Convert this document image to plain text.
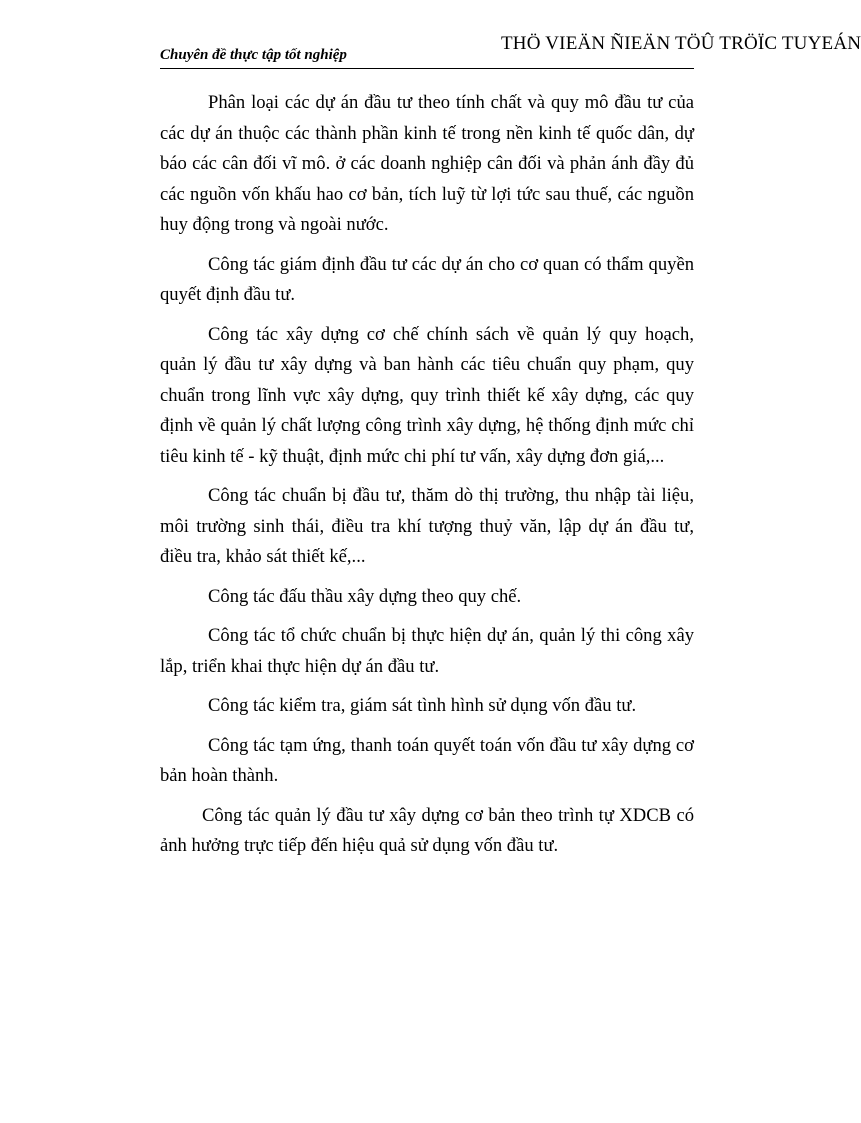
Chuyên đề thực tập tốt nghiệp
THÖ VIEÄN ÑIEÄN TÖÛ TRÖÏC TUYEÁN

Phân loại các dự án đầu tư theo tính chất và quy mô đầu tư của các dự án thuộc các thành phần kinh tế trong nền kinh tế quốc dân, dự báo các cân đối vĩ mô. ở các doanh nghiệp cân đối và phản ánh đầy đủ các nguồn vốn khấu hao cơ bản, tích luỹ từ lợi tức sau thuế, các nguồn huy động trong và ngoài nước.

Công tác giám định đầu tư các dự án cho cơ quan có thẩm quyền quyết định đầu tư.

Công tác xây dựng cơ chế chính sách về quản lý quy hoạch, quản lý đầu tư xây dựng và ban hành các tiêu chuẩn quy phạm, quy chuẩn trong lĩnh vực xây dựng, quy trình thiết kế xây dựng, các quy định về quản lý chất lượng công trình xây dựng, hệ thống định mức chỉ tiêu kinh tế - kỹ thuật, định mức chi phí tư vấn, xây dựng đơn giá,...

Công tác chuẩn bị đầu tư, thăm dò thị trường, thu nhập tài liệu, môi trường sinh thái, điều tra khí tượng thuỷ văn, lập dự án đầu tư, điều tra, khảo sát thiết kế,...

Công tác đấu thầu xây dựng theo quy chế.

Công tác tổ chức chuẩn bị thực hiện dự án, quản lý thi công xây lắp, triển khai thực hiện dự án đầu tư.

Công tác kiểm tra, giám sát tình hình sử dụng vốn đầu tư.

Công tác tạm ứng, thanh toán quyết toán vốn đầu tư xây dựng cơ bản hoàn thành.

Công tác quản lý đầu tư xây dựng cơ bản theo trình tự XDCB có ảnh hưởng trực tiếp đến hiệu quả sử dụng vốn đầu tư.
